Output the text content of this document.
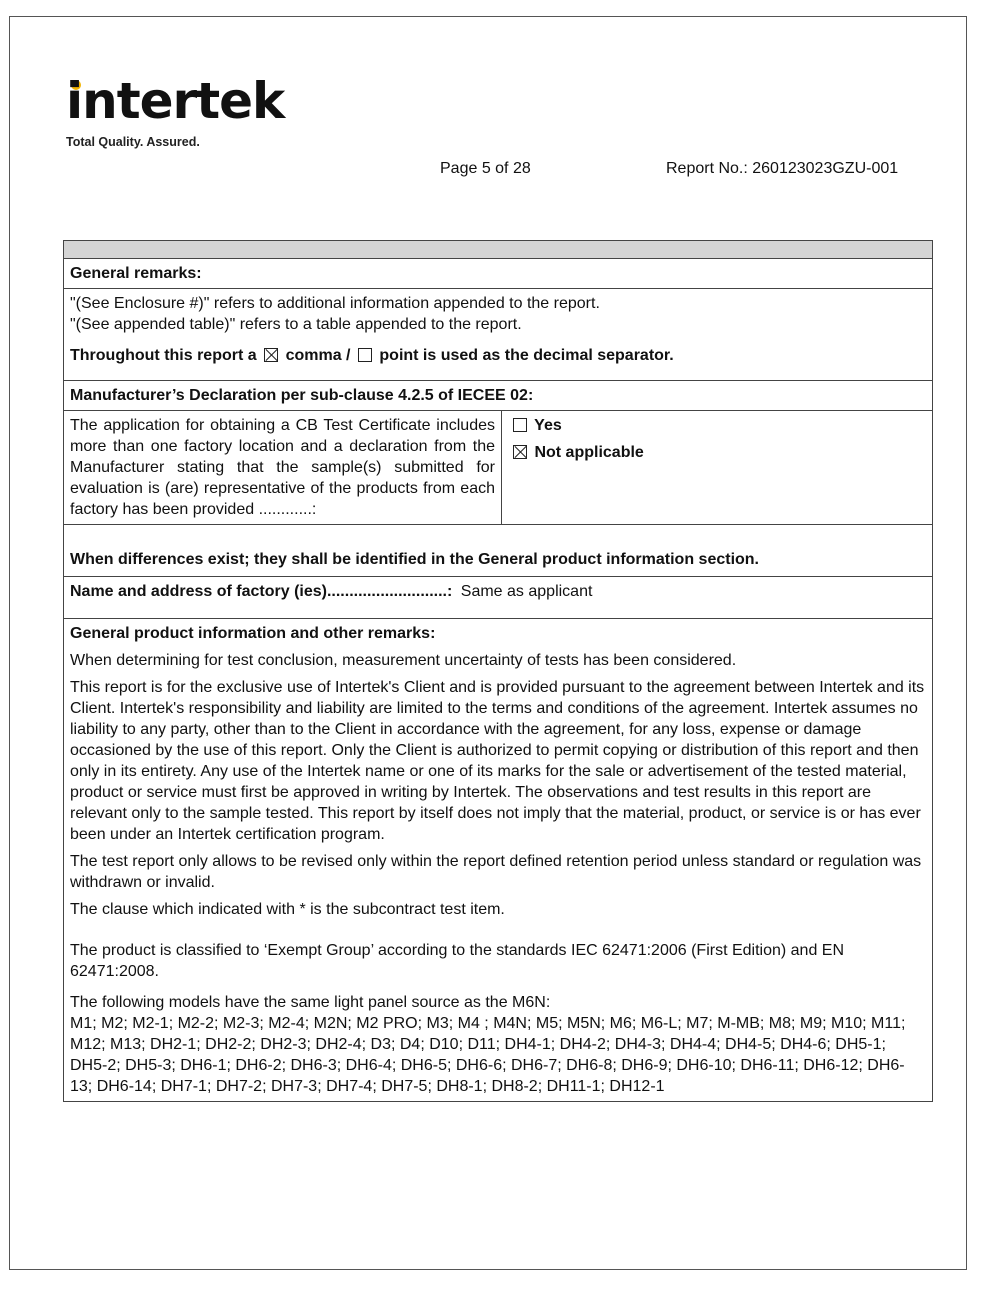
intertek
Total Quality. Assured.
Page 5 of 28	Report No.: 260123023GZU-001
General remarks:
"(See Enclosure #)" refers to additional information appended to the report.
"(See appended table)" refers to a table appended to the report.
Throughout this report a comma / point is used as the decimal separator.
Manufacturer’s Declaration per sub-clause 4.2.5 of IECEE 02:
The application for obtaining a CB Test Certificate includes more than one factory location and a declaration from the Manufacturer stating that the sample(s) submitted for evaluation is (are) representative of the products from each factory has been provided ............:
Yes
Not applicable
When differences exist; they shall be identified in the General product information section.
Name and address of factory (ies)...........................: Same as applicant

General product information and other remarks:

When determining for test conclusion, measurement uncertainty of tests has been considered.

This report is for the exclusive use of Intertek's Client and is provided pursuant to the agreement between Intertek and its Client. Intertek's responsibility and liability are limited to the terms and conditions of the agreement. Intertek assumes no liability to any party, other than to the Client in accordance with the agreement, for any loss, expense or damage occasioned by the use of this report. Only the Client is authorized to permit copying or distribution of this report and then only in its entirety. Any use of the Intertek name or one of its marks for the sale or advertisement of the tested material, product or service must first be approved in writing by Intertek. The observations and test results in this report are relevant only to the sample tested. This report by itself does not imply that the material, product, or service is or has ever been under an Intertek certification program.

The test report only allows to be revised only within the report defined retention period unless standard or regulation was withdrawn or invalid.

The clause which indicated with * is the subcontract test item.

The product is classified to ‘Exempt Group’ according to the standards IEC 62471:2006 (First Edition) and EN 62471:2008.

The following models have the same light panel source as the M6N:
M1; M2; M2-1; M2-2; M2-3; M2-4; M2N; M2 PRO; M3; M4 ; M4N; M5; M5N; M6; M6-L; M7; M-MB; M8; M9; M10; M11; M12; M13; DH2-1; DH2-2; DH2-3; DH2-4; D3; D4; D10; D11; DH4-1; DH4-2; DH4-3; DH4-4; DH4-5; DH4-6; DH5-1; DH5-2; DH5-3; DH6-1; DH6-2; DH6-3; DH6-4; DH6-5; DH6-6; DH6-7; DH6-8; DH6-9; DH6-10; DH6-11; DH6-12; DH6-13; DH6-14; DH7-1; DH7-2; DH7-3; DH7-4; DH7-5; DH8-1; DH8-2; DH11-1; DH12-1
